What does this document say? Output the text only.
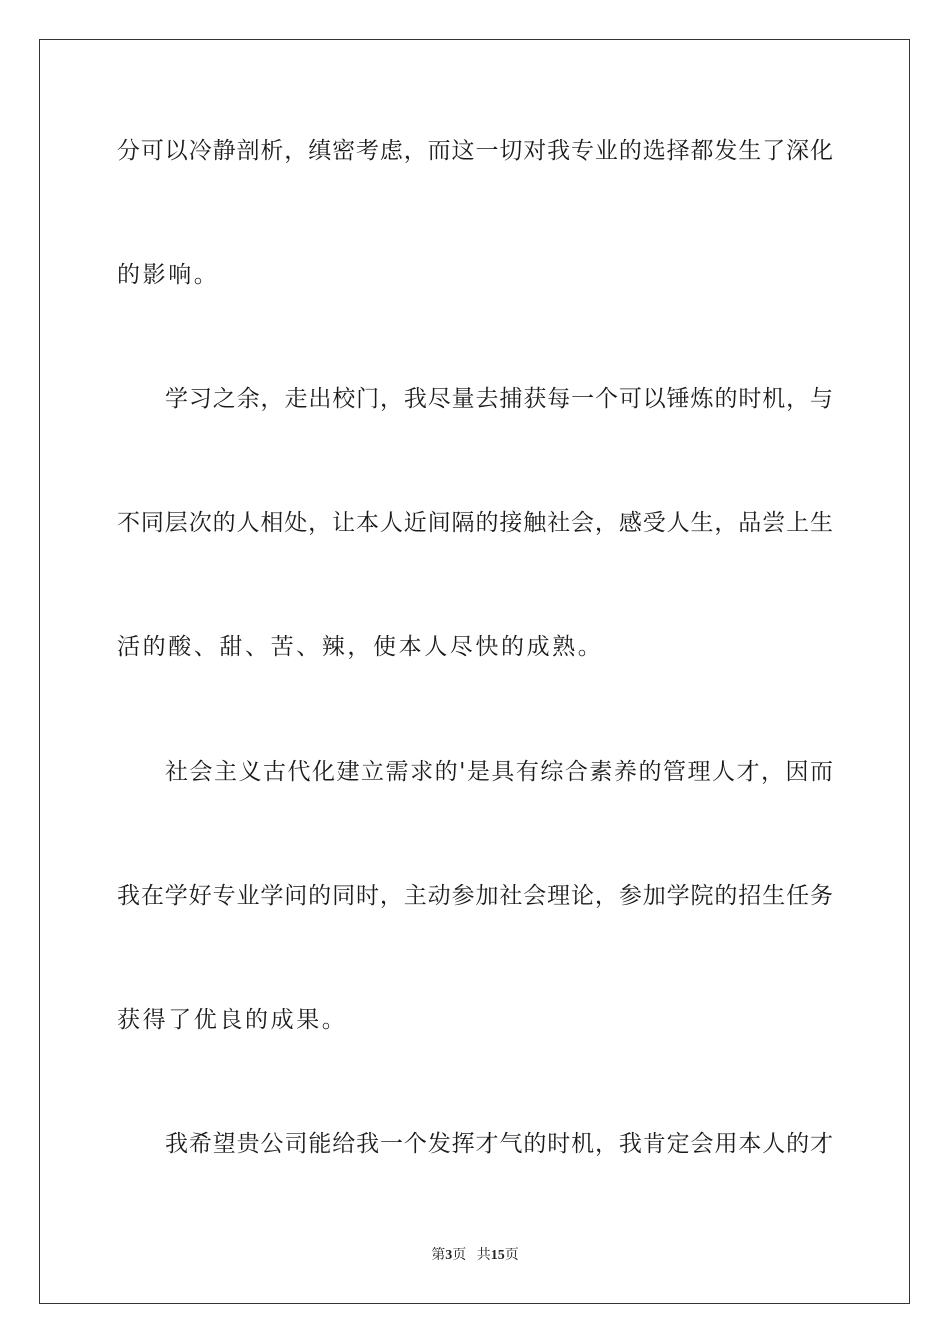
分可以冷静剖析，缜密考虑，而这一切对我专业的选择都发生了深化
的影响。
学习之余，走出校门，我尽量去捕获每一个可以锤炼的时机，与
不同层次的人相处，让本人近间隔的接触社会，感受人生，品尝上生
活的酸、甜、苦、辣，使本人尽快的成熟。
社会主义古代化建立需求的'是具有综合素养的管理人才，因而
我在学好专业学问的同时，主动参加社会理论，参加学院的招生任务
获得了优良的成果。
我希望贵公司能给我一个发挥才气的时机，我肯定会用本人的才
第3页 共15页
